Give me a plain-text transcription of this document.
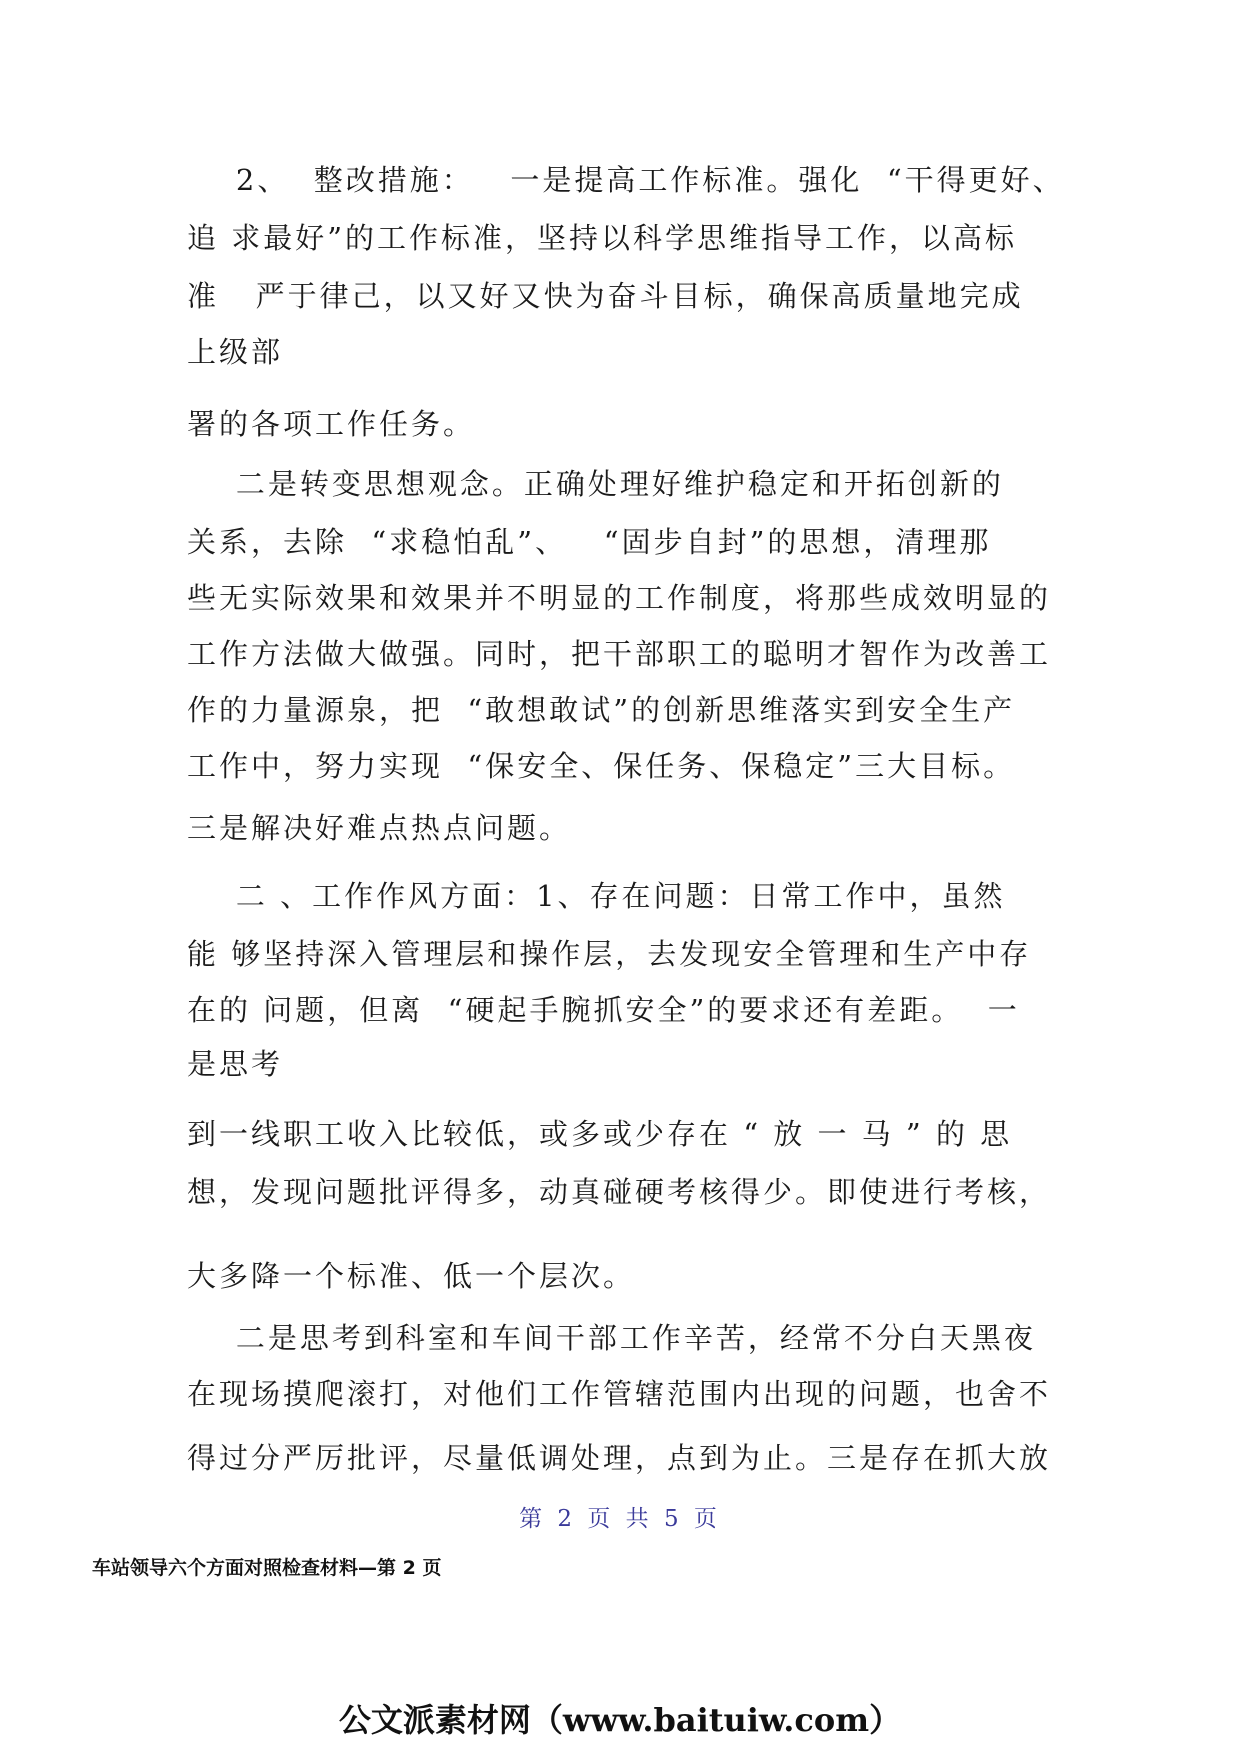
2、  整改措施：   一是提高工作标准。强化  “干得更好、
追 求最好”的工作标准，坚持以科学思维指导工作，以高标
准   严于律己，以又好又快为奋斗目标，确保高质量地完成
上级部
署的各项工作任务。
二是转变思想观念。正确处理好维护稳定和开拓创新的
关系，去除  “求稳怕乱”、   “固步自封”的思想，清理那
些无实际效果和效果并不明显的工作制度，将那些成效明显的
工作方法做大做强。同时，把干部职工的聪明才智作为改善工
作的力量源泉，把  “敢想敢试”的创新思维落实到安全生产
工作中，努力实现  “保安全、保任务、保稳定”三大目标。
三是解决好难点热点问题。
二 、工作作风方面：1、存在问题：日常工作中，虽然
能 够坚持深入管理层和操作层，去发现安全管理和生产中存
在的 问题，但离  “硬起手腕抓安全”的要求还有差距。  一
是思考
到一线职工收入比较低，或多或少存在 “ 放 一 马 ” 的 思
想，发现问题批评得多，动真碰硬考核得少。即使进行考核，
大多降一个标准、低一个层次。
二是思考到科室和车间干部工作辛苦，经常不分白天黑夜
在现场摸爬滚打，对他们工作管辖范围内出现的问题，也舍不
得过分严厉批评，尽量低调处理，点到为止。三是存在抓大放
第 2 页 共 5 页
车站领导六个方面对照检查材料—第 2 页
公文派素材网（www.baituiw.com）
